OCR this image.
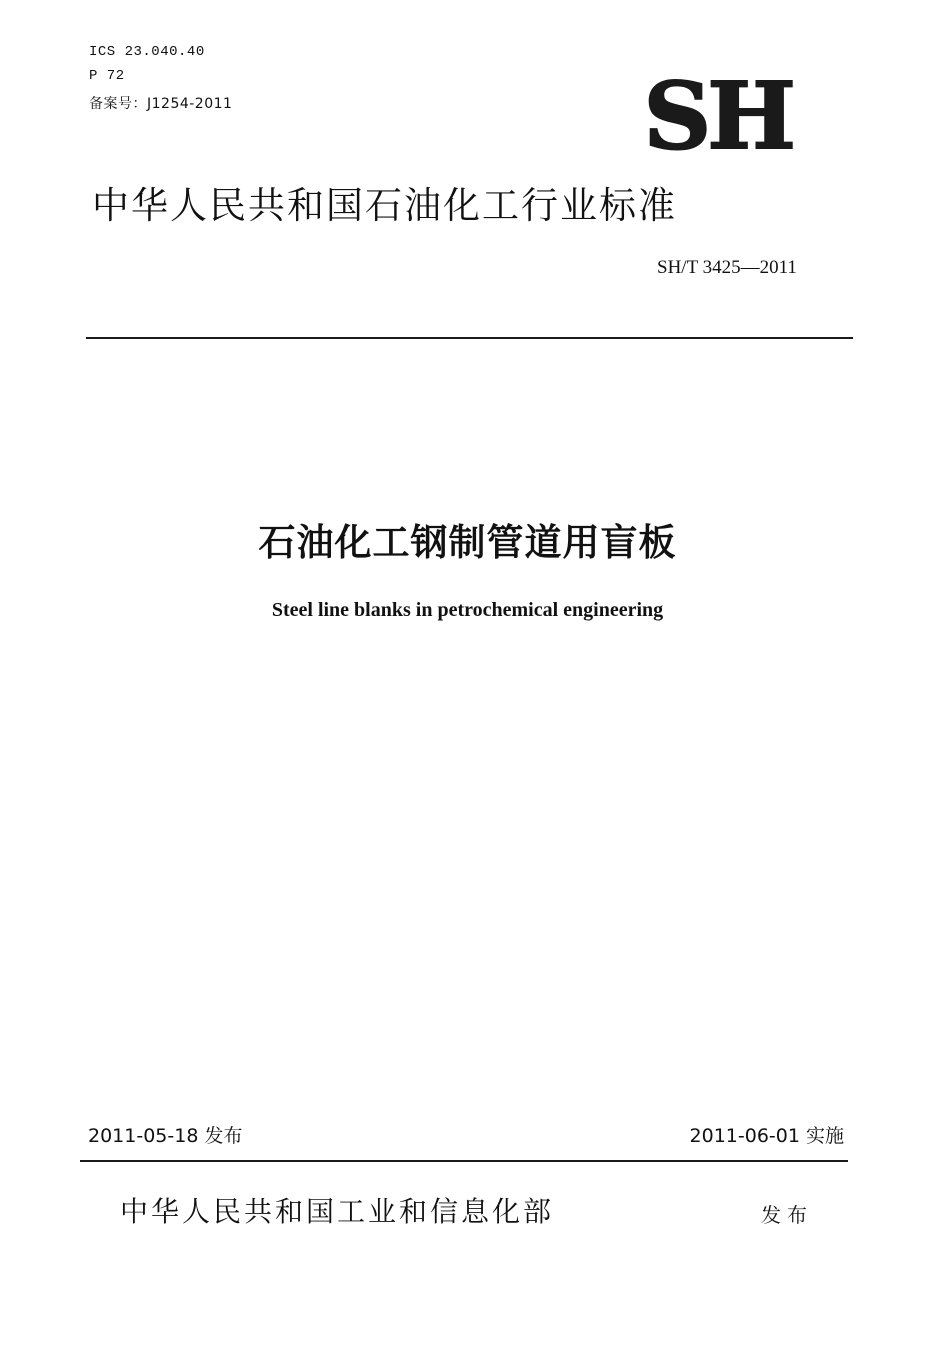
ICS 23.040.40
P 72
备案号：J1254-2011	SH
中华人民共和国石油化工行业标准
SH/T 3425—2011
石油化工钢制管道用盲板
Steel line blanks in petrochemical engineering
2011-05-18 发布	2011-06-01 实施
中华人民共和国工业和信息化部	发布
